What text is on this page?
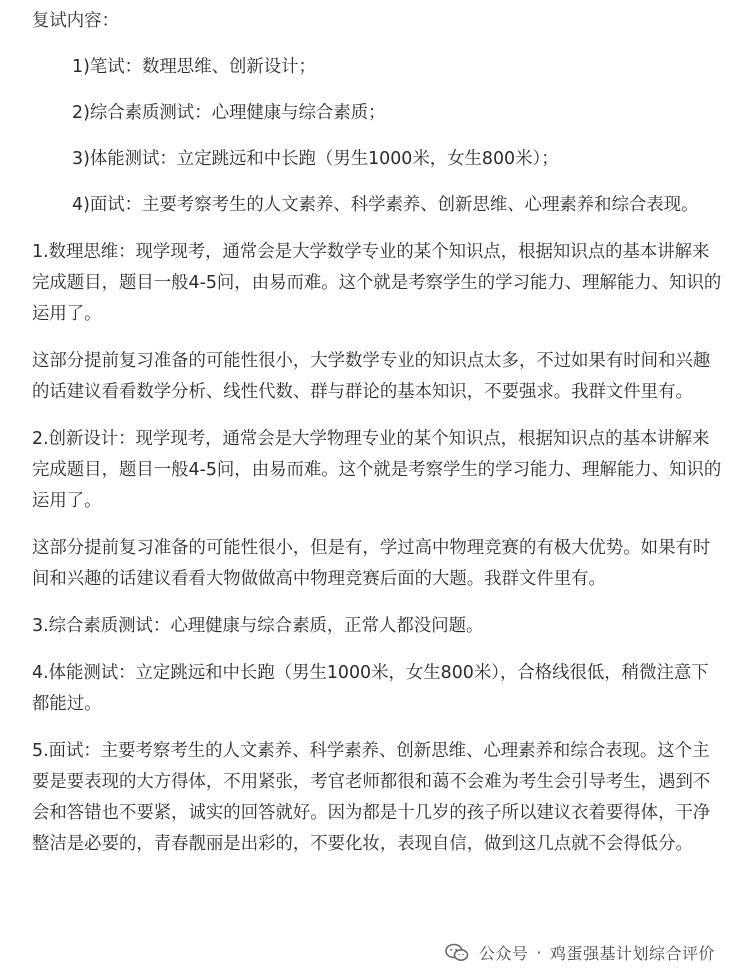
复试内容：

1)笔试：数理思维、创新设计；

2)综合素质测试：心理健康与综合素质；

3)体能测试：立定跳远和中长跑（男生1000米，女生800米）；

4)面试：主要考察考生的人文素养、科学素养、创新思维、心理素养和综合表现。

1.数理思维：现学现考，通常会是大学数学专业的某个知识点，根据知识点的基本讲解来完成题目，题目一般4-5问，由易而难。这个就是考察学生的学习能力、理解能力、知识的运用了。

这部分提前复习准备的可能性很小，大学数学专业的知识点太多，不过如果有时间和兴趣的话建议看看数学分析、线性代数、群与群论的基本知识，不要强求。我群文件里有。

2.创新设计：现学现考，通常会是大学物理专业的某个知识点，根据知识点的基本讲解来完成题目，题目一般4-5问，由易而难。这个就是考察学生的学习能力、理解能力、知识的运用了。

这部分提前复习准备的可能性很小，但是有，学过高中物理竞赛的有极大优势。如果有时间和兴趣的话建议看看大物做做高中物理竞赛后面的大题。我群文件里有。

3.综合素质测试：心理健康与综合素质，正常人都没问题。

4.体能测试：立定跳远和中长跑（男生1000米，女生800米），合格线很低，稍微注意下都能过。

5.面试：主要考察考生的人文素养、科学素养、创新思维、心理素养和综合表现。这个主要是要表现的大方得体，不用紧张，考官老师都很和蔼不会难为考生会引导考生，遇到不会和答错也不要紧，诚实的回答就好。因为都是十几岁的孩子所以建议衣着要得体，干净整洁是必要的，青春靓丽是出彩的，不要化妆，表现自信，做到这几点就不会得低分。

公众号 · 鸡蛋强基计划综合评价
